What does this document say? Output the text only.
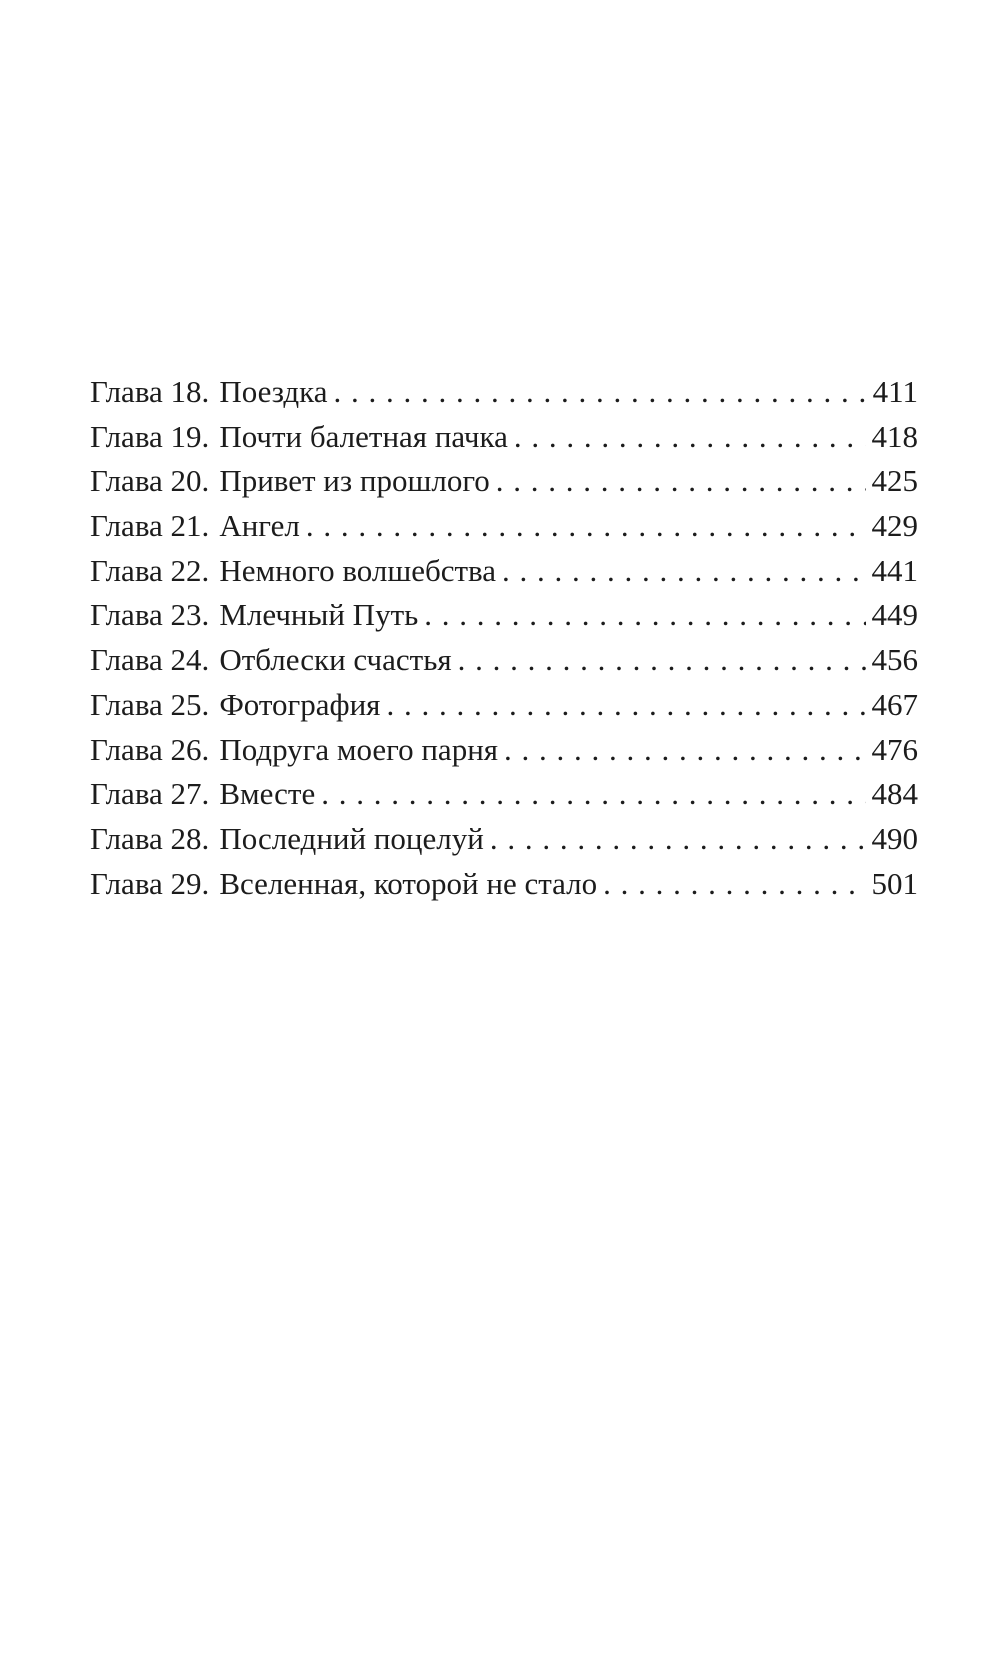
Глава 18. Поездка . . .	411
Глава 19. Почти балетная пачка . . .	418
Глава 20. Привет из прошлого . . .	425
Глава 21. Ангел . . .	429
Глава 22. Немного волшебства . . .	441
Глава 23. Млечный Путь . . .	449
Глава 24. Отблески счастья . . .	456
Глава 25. Фотография . . .	467
Глава 26. Подруга моего парня . . .	476
Глава 27. Вместе . . .	484
Глава 28. Последний поцелуй . . .	490
Глава 29. Вселенная, которой не стало . . .	501
